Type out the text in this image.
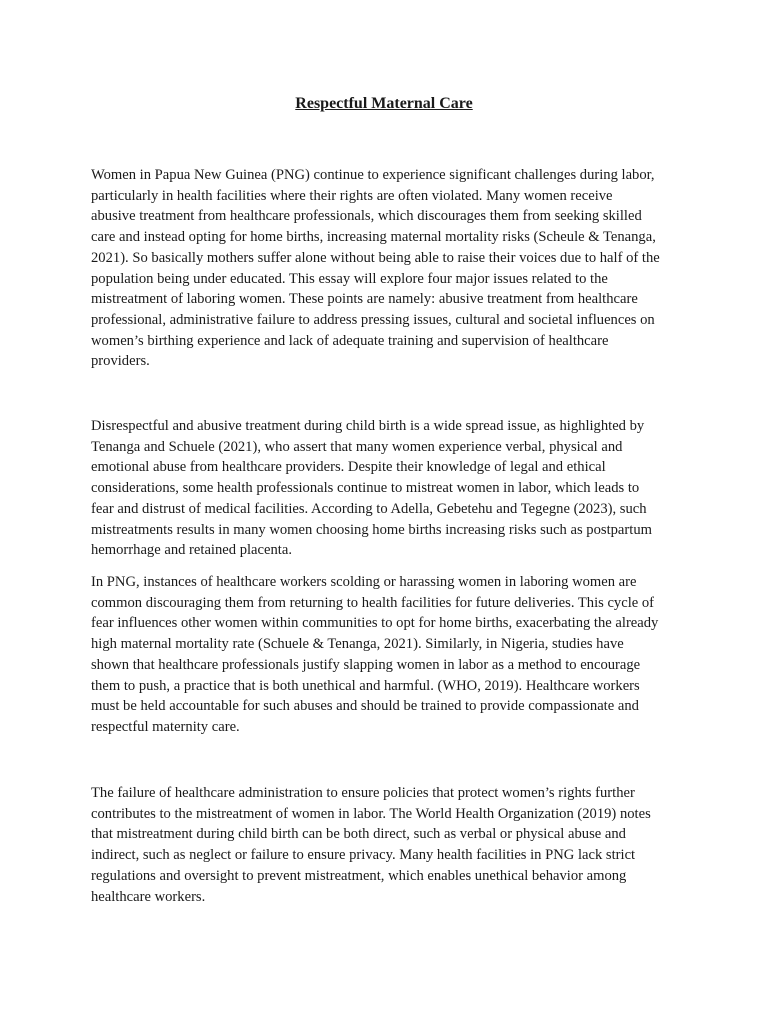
Respectful Maternal Care

Women in Papua New Guinea (PNG) continue to experience significant challenges during labor,
particularly in health facilities where their rights are often violated. Many women receive
abusive treatment from healthcare professionals, which discourages them from seeking skilled
care and instead opting for home births, increasing maternal mortality risks (Scheule & Tenanga,
2021). So basically mothers suffer alone without being able to raise their voices due to half of the
population being under educated. This essay will explore four major issues related to the
mistreatment of laboring women. These points are namely: abusive treatment from healthcare
professional, administrative failure to address pressing issues, cultural and societal influences on
women’s birthing experience and lack of adequate training and supervision of healthcare
providers.

Disrespectful and abusive treatment during child birth is a wide spread issue, as highlighted by
Tenanga and Schuele (2021), who assert that many women experience verbal, physical and
emotional abuse from healthcare providers. Despite their knowledge of legal and ethical
considerations, some health professionals continue to mistreat women in labor, which leads to
fear and distrust of medical facilities. According to Adella, Gebetehu and Tegegne (2023), such
mistreatments results in many women choosing home births increasing risks such as postpartum
hemorrhage and retained placenta.

In PNG, instances of healthcare workers scolding or harassing women in laboring women are
common discouraging them from returning to health facilities for future deliveries. This cycle of
fear influences other women within communities to opt for home births, exacerbating the already
high maternal mortality rate (Schuele & Tenanga, 2021). Similarly, in Nigeria, studies have
shown that healthcare professionals justify slapping women in labor as a method to encourage
them to push, a practice that is both unethical and harmful. (WHO, 2019). Healthcare workers
must be held accountable for such abuses and should be trained to provide compassionate and
respectful maternity care.

The failure of healthcare administration to ensure policies that protect women’s rights further
contributes to the mistreatment of women in labor. The World Health Organization (2019) notes
that mistreatment during child birth can be both direct, such as verbal or physical abuse and
indirect, such as neglect or failure to ensure privacy. Many health facilities in PNG lack strict
regulations and oversight to prevent mistreatment, which enables unethical behavior among
healthcare workers.
